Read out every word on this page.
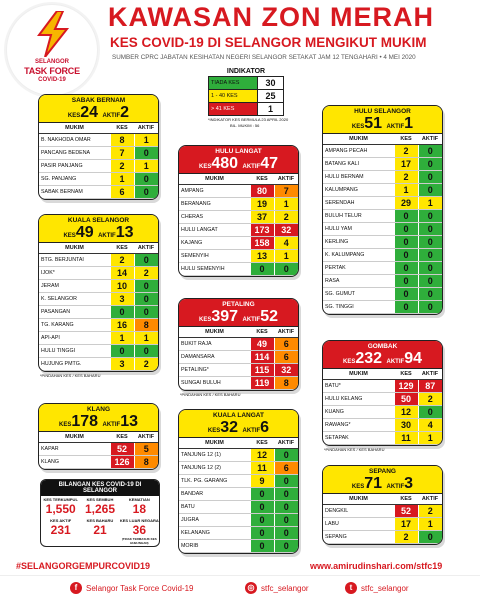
SELANGOR
TASK FORCE
COVID-19
KAWASAN ZON MERAH
KES COVID-19 DI SELANGOR MENGIKUT MUKIM
SUMBER CPRC JABATAN KESIHATAN NEGERI SELANGOR SETAKAT JAM 12 TENGAHARI • 4 MEI 2020
INDIKATOR
TIADA KES	30
1 - 40 KES	25
> 41 KES	1
*INDIKATOR KES BERMULA 23 APRIL 2020
BIL. MUKIM : 56
SABAK BERNAM
KES24 AKTIF2
MUKIM	KES	AKTIF
B. NAKHODA OMAR	8	1
PANCANG BEDENA	7	0
PASIR PANJANG	2	1
SG. PANJANG	1	0
SABAK BERNAM	6	0
KUALA SELANGOR
KES49 AKTIF13
MUKIM	KES	AKTIF
BTG. BERJUNTAI	2	0
IJOK*	14	2
JERAM	10	0
K. SELANGOR	3	0
PASANGAN	0	0
TG. KARANG	16	8
API-API	1	1
HULU TINGGI	0	0
HUJUNG PMTG.	3	2
*PINDAHAN KES / KES BAHARU
KLANG
KES178 AKTIF13
MUKIM	KES	AKTIF
KAPAR	52	5
KLANG	126	8
HULU LANGAT
KES480 AKTIF47
MUKIM	KES	AKTIF
AMPANG	80	7
BERANANG	19	1
CHERAS	37	2
HULU LANGAT	173	32
KAJANG	158	4
SEMENYIH	13	1
HULU SEMENYIH	0	0
PETALING
KES397 AKTIF52
MUKIM	KES	AKTIF
BUKIT RAJA	49	6
DAMANSARA	114	6
PETALING*	115	32
SUNGAI BULUH	119	8
*PINDAHAN KES / KES BAHARU
KUALA LANGAT
KES32 AKTIF6
MUKIM	KES	AKTIF
TANJUNG 12 (1)	12	0
TANJUNG 12 (2)	11	6
TLK. PG. GARANG	9	0
BANDAR	0	0
BATU	0	0
JUGRA	0	0
KELANANG	0	0
MORIB	0	0
HULU SELANGOR
KES51 AKTIF1
MUKIM	KES	AKTIF
AMPANG PECAH	2	0
BATANG KALI	17	0
HULU BERNAM	2	0
KALUMPANG	1	0
SERENDAH	29	1
BULUH TELUR	0	0
HULU YAM	0	0
KERLING	0	0
K. KALUMPANG	0	0
PERTAK	0	0
RASA	0	0
SG. GUMUT	0	0
SG. TINGGI	0	0
GOMBAK
KES232 AKTIF94
MUKIM	KES	AKTIF
BATU*	129	87
HULU KELANG	50	2
KUANG	12	0
RAWANG*	30	4
SETAPAK	11	1
*PINDAHAN KES / KES BAHARU
SEPANG
KES71 AKTIF3
MUKIM	KES	AKTIF
DENGKIL	52	2
LABU	17	1
SEPANG	2	0
BILANGAN KES COVID-19 DI SELANGOR
KES TERKUMPUL
1,550
KES SEMBUH
1,265
KEMATIAN
18
KES AKTIF
231
KES BAHARU
21
KES LUAR NEGARA
36
(TIDAK TERMASUK KES HUBUNGAN)
#SELANGORGEMPURCOVID19	www.amirudinshari.com/stfc19
f	Selangor Task Force Covid-19	◎ stfc_selangor	t	stfc_selangor
